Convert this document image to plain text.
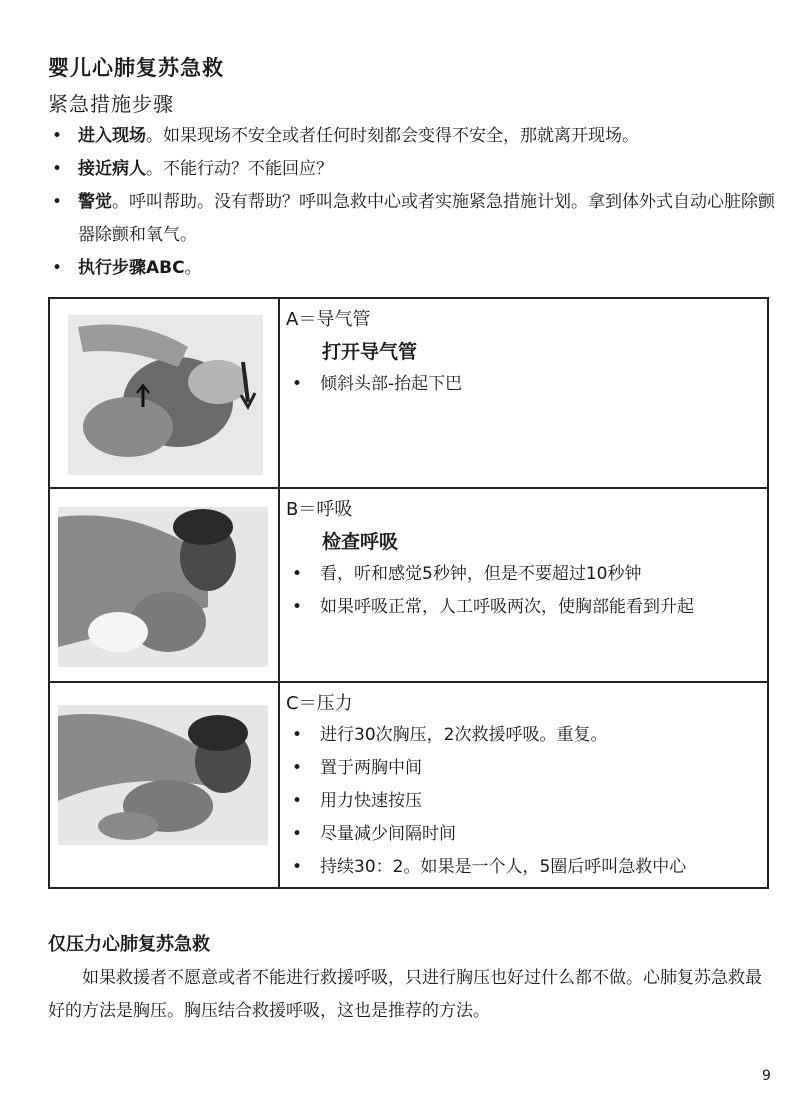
婴儿心肺复苏急救
紧急措施步骤
• 进入现场。如果现场不安全或者任何时刻都会变得不安全，那就离开现场。
• 接近病人。不能行动？不能回应？
• 警觉。呼叫帮助。没有帮助？呼叫急救中心或者实施紧急措施计划。拿到体外式自动心脏除颤器除颤和氧气。
• 执行步骤ABC。
A＝导气管
打开导气管
• 倾斜头部-抬起下巴
B＝呼吸
检查呼吸
• 看，听和感觉5秒钟，但是不要超过10秒钟
• 如果呼吸正常，人工呼吸两次，使胸部能看到升起
C＝压力
• 进行30次胸压，2次救援呼吸。重复。
• 置于两胸中间
• 用力快速按压
• 尽量减少间隔时间
• 持续30：2。如果是一个人，5圈后呼叫急救中心
仅压力心肺复苏急救
如果救援者不愿意或者不能进行救援呼吸，只进行胸压也好过什么都不做。心肺复苏急救最好的方法是胸压。胸压结合救援呼吸，这也是推荐的方法。
9
